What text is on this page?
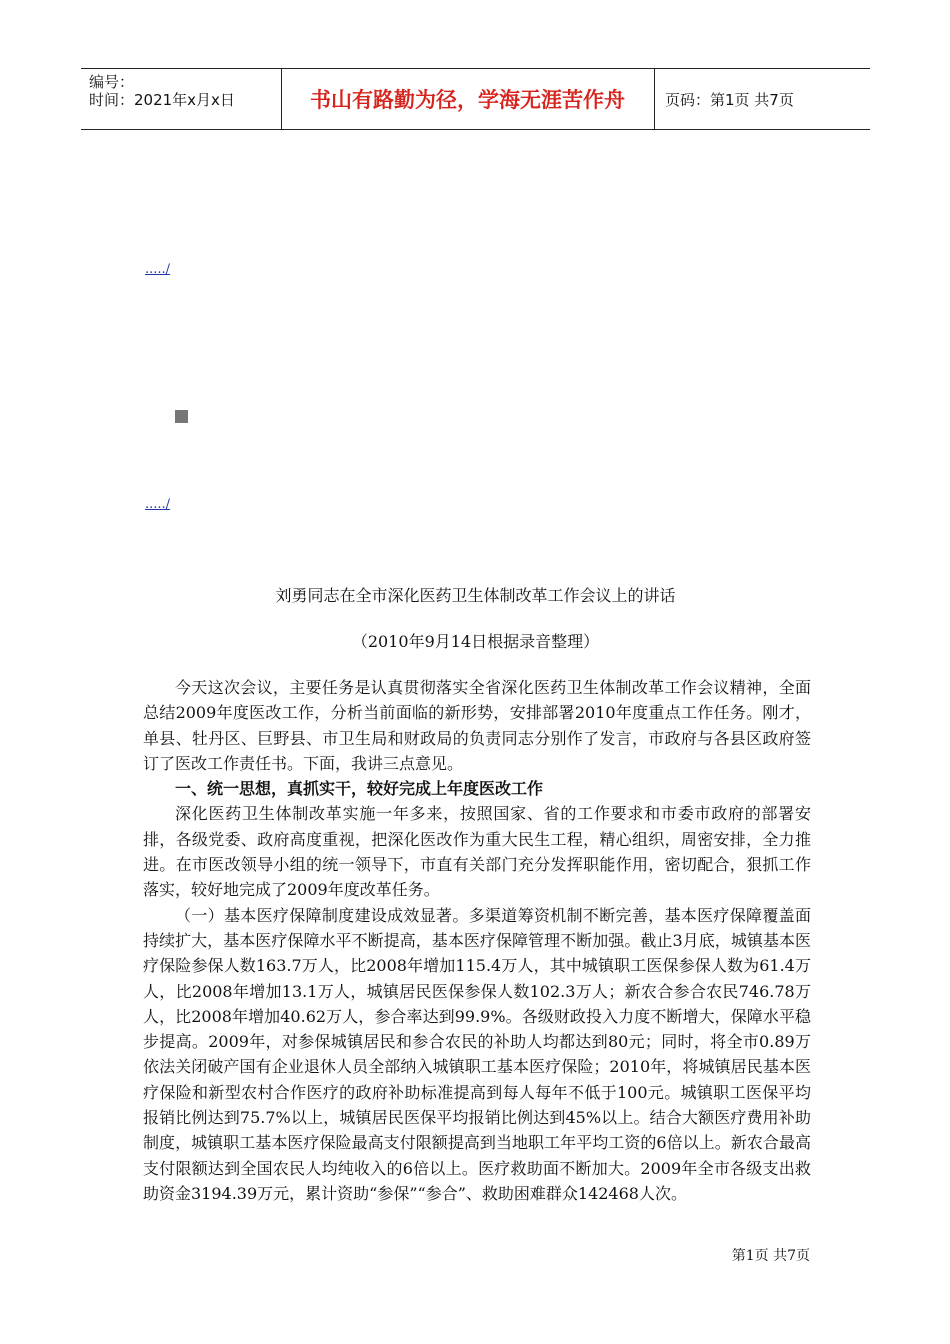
编号：
时间：2021年x月x日	书山有路勤为径，学海无涯苦作舟	页码：第1页 共7页
...../
...../
刘勇同志在全市深化医药卫生体制改革工作会议上的讲话
（2010年9月14日根据录音整理）

今天这次会议，主要任务是认真贯彻落实全省深化医药卫生体制改革工作会议精神，全面总结2009年度医改工作，分析当前面临的新形势，安排部署2010年度重点工作任务。刚才，单县、牡丹区、巨野县、市卫生局和财政局的负责同志分别作了发言，市政府与各县区政府签订了医改工作责任书。下面，我讲三点意见。

一、统一思想，真抓实干，较好完成上年度医改工作

深化医药卫生体制改革实施一年多来，按照国家、省的工作要求和市委市政府的部署安排，各级党委、政府高度重视，把深化医改作为重大民生工程，精心组织，周密安排，全力推进。在市医改领导小组的统一领导下，市直有关部门充分发挥职能作用，密切配合，狠抓工作落实，较好地完成了2009年度改革任务。

（一）基本医疗保障制度建设成效显著。多渠道筹资机制不断完善，基本医疗保障覆盖面持续扩大，基本医疗保障水平不断提高，基本医疗保障管理不断加强。截止3月底，城镇基本医疗保险参保人数163.7万人，比2008年增加115.4万人，其中城镇职工医保参保人数为61.4万人，比2008年增加13.1万人，城镇居民医保参保人数102.3万人；新农合参合农民746.78万人，比2008年增加40.62万人，参合率达到99.9%。各级财政投入力度不断增大，保障水平稳步提高。2009年，对参保城镇居民和参合农民的补助人均都达到80元；同时，将全市0.89万依法关闭破产国有企业退休人员全部纳入城镇职工基本医疗保险；2010年，将城镇居民基本医疗保险和新型农村合作医疗的政府补助标准提高到每人每年不低于100元。城镇职工医保平均报销比例达到75.7%以上，城镇居民医保平均报销比例达到45%以上。结合大额医疗费用补助制度，城镇职工基本医疗保险最高支付限额提高到当地职工年平均工资的6倍以上。新农合最高支付限额达到全国农民人均纯收入的6倍以上。医疗救助面不断加大。2009年全市各级支出救助资金3194.39万元，累计资助“参保”“参合”、救助困难群众142468人次。

第1页 共7页
